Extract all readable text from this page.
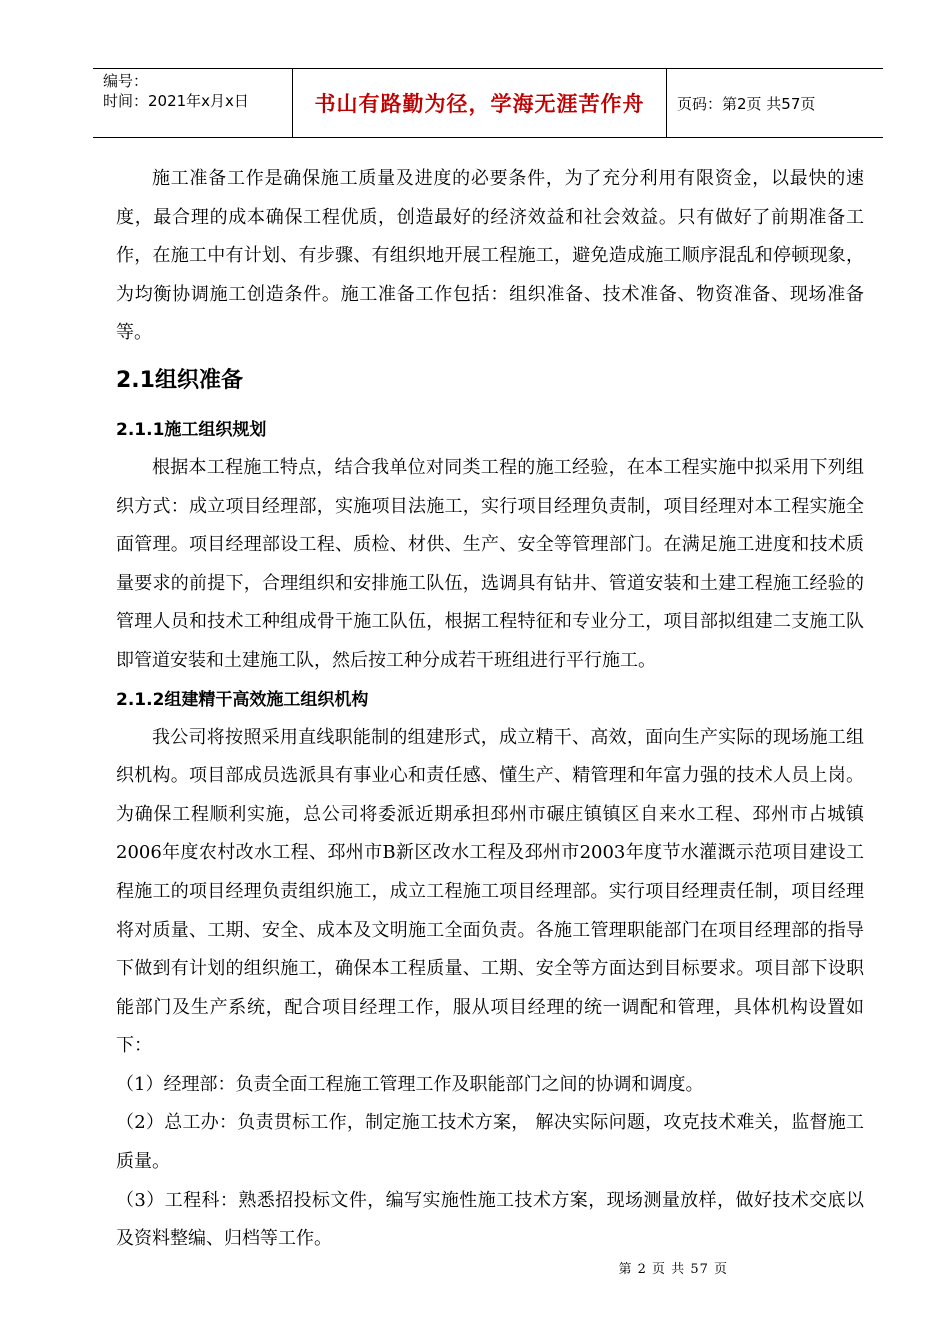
编号：
时间：2021年x月x日	书山有路勤为径，学海无涯苦作舟	页码：第2页 共57页

施工准备工作是确保施工质量及进度的必要条件，为了充分利用有限资金，以最快的速度，最合理的成本确保工程优质，创造最好的经济效益和社会效益。只有做好了前期准备工作，在施工中有计划、有步骤、有组织地开展工程施工，避免造成施工顺序混乱和停顿现象，为均衡协调施工创造条件。施工准备工作包括：组织准备、技术准备、物资准备、现场准备等。

2.1组织准备
2.1.1施工组织规划

根据本工程施工特点，结合我单位对同类工程的施工经验，在本工程实施中拟采用下列组织方式：成立项目经理部，实施项目法施工，实行项目经理负责制，项目经理对本工程实施全面管理。项目经理部设工程、质检、材供、生产、安全等管理部门。在满足施工进度和技术质量要求的前提下，合理组织和安排施工队伍，选调具有钻井、管道安装和土建工程施工经验的管理人员和技术工种组成骨干施工队伍，根据工程特征和专业分工，项目部拟组建二支施工队即管道安装和土建施工队，然后按工种分成若干班组进行平行施工。

2.1.2组建精干高效施工组织机构

我公司将按照采用直线职能制的组建形式，成立精干、高效，面向生产实际的现场施工组织机构。项目部成员选派具有事业心和责任感、懂生产、精管理和年富力强的技术人员上岗。为确保工程顺利实施，总公司将委派近期承担邳州市碾庄镇镇区自来水工程、邳州市占城镇2006年度农村改水工程、邳州市B新区改水工程及邳州市2003年度节水灌溉示范项目建设工程施工的项目经理负责组织施工，成立工程施工项目经理部。实行项目经理责任制，项目经理将对质量、工期、安全、成本及文明施工全面负责。各施工管理职能部门在项目经理部的指导下做到有计划的组织施工，确保本工程质量、工期、安全等方面达到目标要求。项目部下设职能部门及生产系统，配合项目经理工作，服从项目经理的统一调配和管理，具体机构设置如下：

（1）经理部：负责全面工程施工管理工作及职能部门之间的协调和调度。

（2）总工办：负责贯标工作，制定施工技术方案， 解决实际问题，攻克技术难关，监督施工质量。

（3）工程科：熟悉招投标文件，编写实施性施工技术方案，现场测量放样，做好技术交底以及资料整编、归档等工作。

第 2 页 共 57 页
